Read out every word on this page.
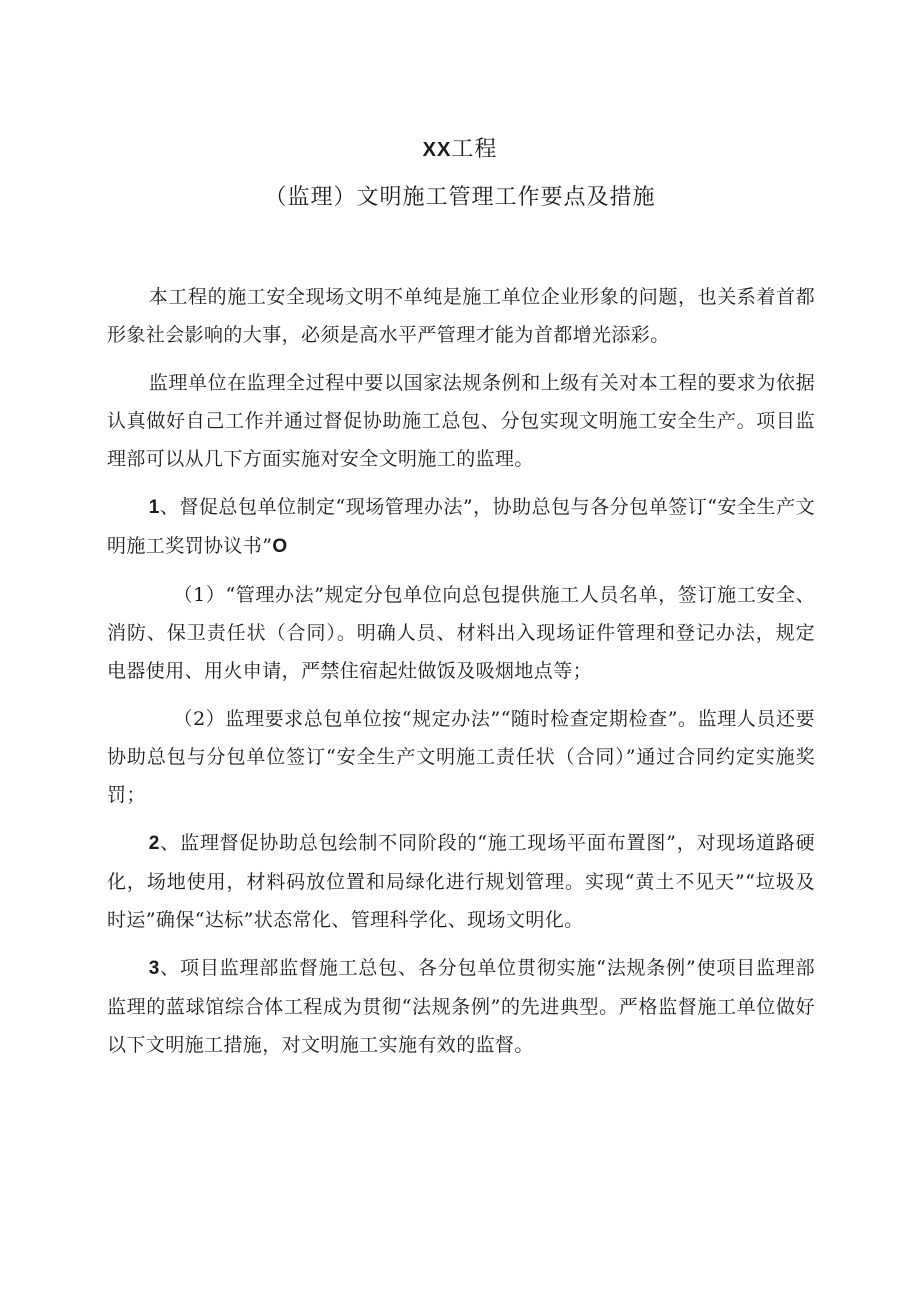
XX工程
（监理）文明施工管理工作要点及措施

本工程的施工安全现场文明不单纯是施工单位企业形象的问题，也关系着首都形象社会影响的大事，必须是高水平严管理才能为首都增光添彩。

监理单位在监理全过程中要以国家法规条例和上级有关对本工程的要求为依据认真做好自己工作并通过督促协助施工总包、分包实现文明施工安全生产。项目监理部可以从几下方面实施对安全文明施工的监理。

1、督促总包单位制定“现场管理办法”，协助总包与各分包单签订“安全生产文明施工奖罚协议书”O

（1）“管理办法”规定分包单位向总包提供施工人员名单，签订施工安全、消防、保卫责任状（合同）。明确人员、材料出入现场证件管理和登记办法，规定电器使用、用火申请，严禁住宿起灶做饭及吸烟地点等；

（2）监理要求总包单位按“规定办法”“随时检查定期检查”。监理人员还要协助总包与分包单位签订“安全生产文明施工责任状（合同）”通过合同约定实施奖罚；

2、监理督促协助总包绘制不同阶段的“施工现场平面布置图”，对现场道路硬化，场地使用，材料码放位置和局绿化进行规划管理。实现“黄土不见天”“垃圾及时运”确保“达标”状态常化、管理科学化、现场文明化。

3、项目监理部监督施工总包、各分包单位贯彻实施“法规条例”使项目监理部监理的蓝球馆综合体工程成为贯彻“法规条例”的先进典型。严格监督施工单位做好以下文明施工措施，对文明施工实施有效的监督。
